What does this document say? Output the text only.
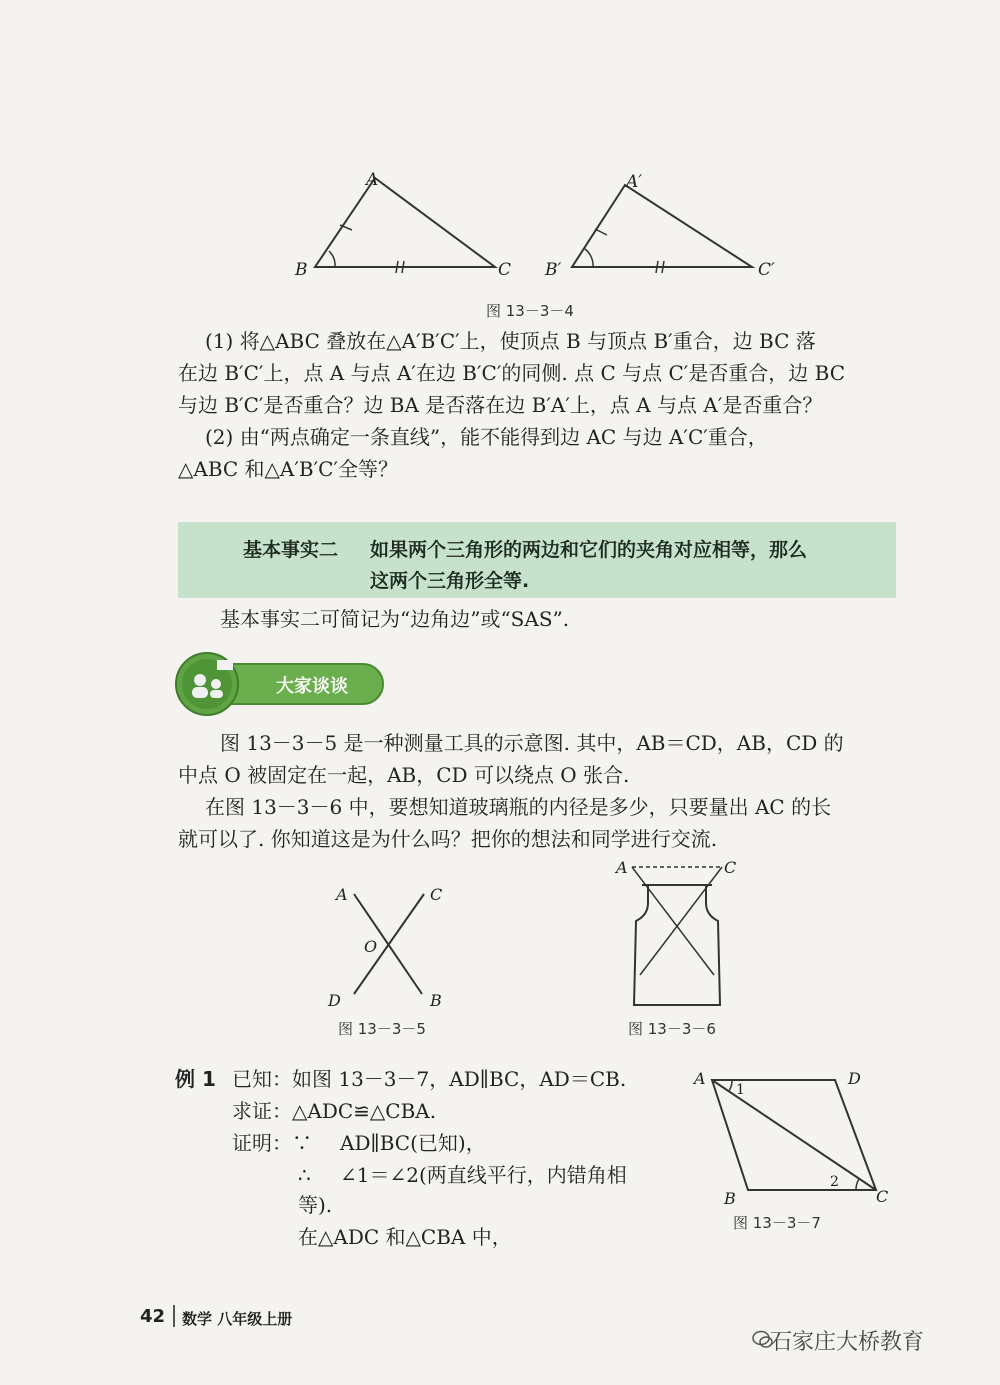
A
B	C
A′
B′	C′
图 13－3－4
(1) 将△ABC 叠放在△A′B′C′上，使顶点 B 与顶点 B′重合，边 BC 落
在边 B′C′上，点 A 与点 A′在边 B′C′的同侧. 点 C 与点 C′是否重合，边 BC
与边 B′C′是否重合？边 BA 是否落在边 B′A′上，点 A 与点 A′是否重合？
(2) 由“两点确定一条直线”，能不能得到边 AC 与边 A′C′重合，
△ABC 和△A′B′C′全等？
基本事实二 如果两个三角形的两边和它们的夹角对应相等，那么
这两个三角形全等.
基本事实二可简记为“边角边”或“SAS”.
大家谈谈
图 13－3－5 是一种测量工具的示意图. 其中，AB＝CD，AB，CD 的
中点 O 被固定在一起，AB，CD 可以绕点 O 张合.
在图 13－3－6 中，要想知道玻璃瓶的内径是多少，只要量出 AC 的长
就可以了. 你知道这是为什么吗？把你的想法和同学进行交流.
A	C
O
D	B
图 13－3－5
A	C
图 13－3－6
例 1 已知：如图 13－3－7，AD∥BC，AD＝CB.
求证：△ADC≌△CBA.
证明：∵ AD∥BC(已知)，
∴ ∠1＝∠2(两直线平行，内错角相
等).
在△ADC 和△CBA 中，
A	D
B	C
1
2
图 13－3－7
42 数学 八年级上册
石家庄大桥教育
